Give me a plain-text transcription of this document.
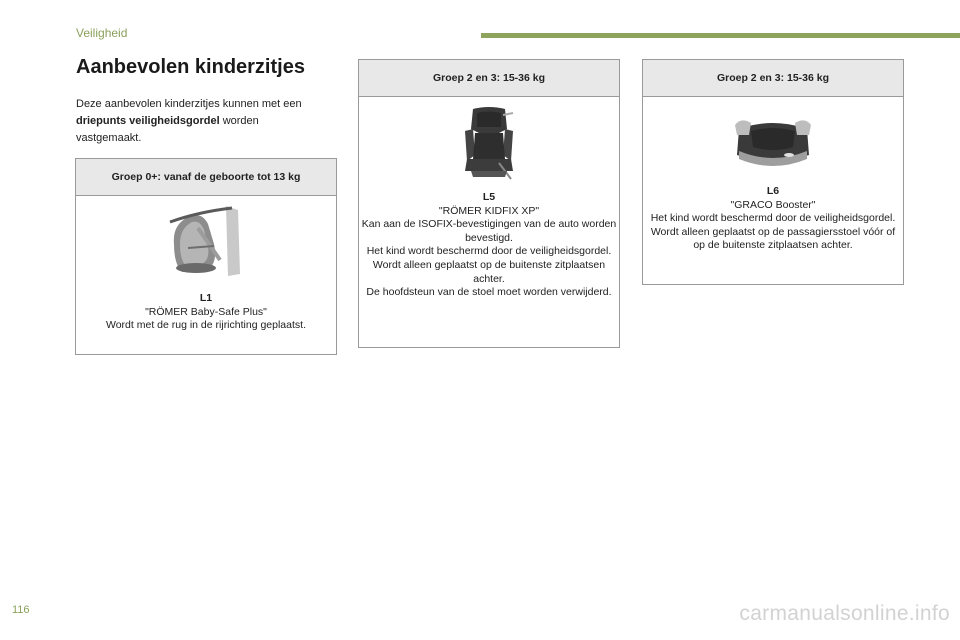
Veiligheid
Aanbevolen kinderzitjes
Deze aanbevolen kinderzitjes kunnen met een driepunts veiligheidsgordel worden vastgemaakt.
Groep 0+: vanaf de geboorte tot 13 kg
L1
"RÖMER Baby-Safe Plus"
Wordt met de rug in de rijrichting geplaatst.
Groep 2 en 3: 15-36 kg
L5
"RÖMER KIDFIX XP"
Kan aan de ISOFIX-bevestigingen van de auto worden bevestigd.
Het kind wordt beschermd door de veiligheidsgordel.
Wordt alleen geplaatst op de buitenste zitplaatsen achter.
De hoofdsteun van de stoel moet worden verwijderd.
Groep 2 en 3: 15-36 kg
L6
"GRACO Booster"
Het kind wordt beschermd door de veiligheidsgordel.
Wordt alleen geplaatst op de passagiersstoel vóór of op de buitenste zitplaatsen achter.
116	carmanualsonline.info
